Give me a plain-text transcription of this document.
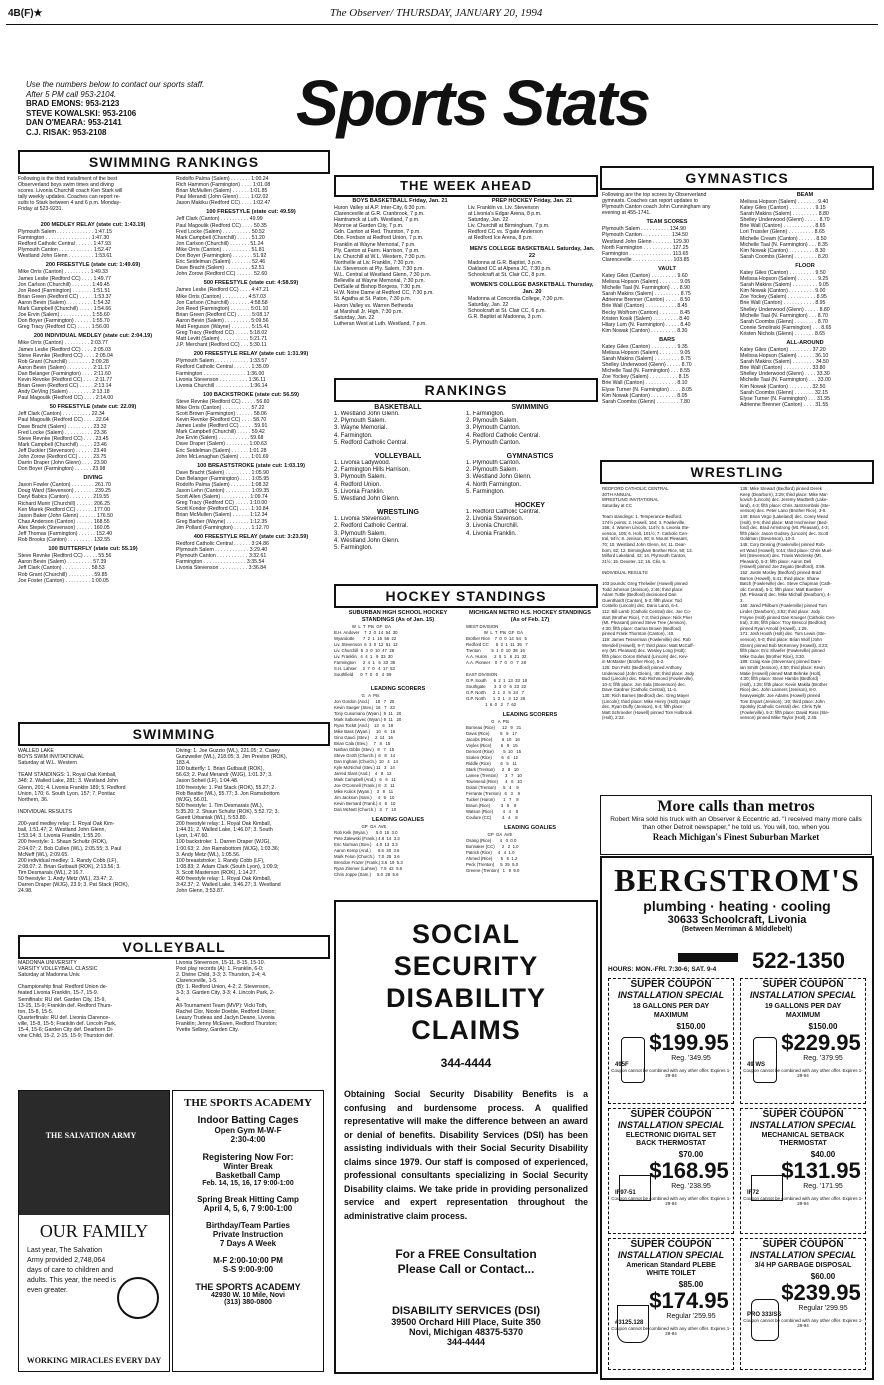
4B(F)★	The Observer/ THURSDAY, JANUARY 20, 1994
Use the numbers below to contact our sports staff. After 5 PM call 953-2104.
BRAD EMONS: 953-2123
STEVE KOWALSKI: 953-2106
DAN O'MEARA: 953-2141
C.J. RISAK: 953-2108	Sports Stats
SWIMMING RANKINGS
Following is the third installment of the best
Observerland boys swim times and diving
scores. Livonia Churchill coach Ken Stark will
tally weekly updates. Coaches can report re-
sults to Stark between 4 and 6 p.m. Monday-
Friday at 523-9231.
200 MEDLEY RELAY (state cut: 1:43.19)
Plymouth Salem . . . . . . . . . . . . . 1:47.15
Farmington . . . . . . . . . . . . . . . . 1:47.30
Redford Catholic Central . . . . . . 1:47.93
Plymouth Canton . . . . . . . . . . . . 1:52.47
Westland John Glenn . . . . . . . . . 1:53.61
200 FREESTYLE (state cut: 1:49.69)
Mike Orris (Canton) . . . . . . . . . 1:49.33
James Leslie (Redford CC) . . . . 1:49.77
Jon Carlson (Churchill) . . . . . . . 1:49.45
Jon Reed (Farmington) . . . . . . . 1:51.51
Brian Green (Redford CC) . . . . . 1:53.37
Aaron Bevin (Salem) . . . . . . . . . 1:54.32
Mark Campbell (Churchill) . . . . . 1:54.66
Joe Ervin (Salem) . . . . . . . . . . . 1:55.60
Don Boyer (Farmington) . . . . . . 1:55.70
Greg Tracy (Redford CC) . . . . . 1:56.00
200 INDIVIDUAL MEDLEY (state cut: 2:04.19)
Mike Orris (Canton) . . . . . . . . . 2:03.77
James Leslie (Redford CC) . . . . 2:05.03
Steve Revnke (Redford CC) . . . . 2:05.04
Rob Grant (Churchill) . . . . . . . . 2:09.28
Aaron Bevin (Salem) . . . . . . . . . 2:11.17
Dan Belanger (Farmington) . . . . 2:11.60
Kevin Revnke (Redford CC) . . . . 2:11.77
Brian Green (Redford CC) . . . . . 2:13.14
Andy DeVing (Salem) . . . . . . . . 2:13.18
Paul Magoulik (Redford CC) . . . . 2:14.00
50 FREESTYLE (state cut: 22.09)
Jeff Clark (Canton) . . . . . . . . . . 22.34
Paul Magoulik (Redford CC) . . . . 22.64
Dave Bracht (Salem) . . . . . . . . . 23.32
Fred Locke (Salem) . . . . . . . . . . 23.36
Steve Revnke (Redford CC) . . . . 23.45
Mark Campbell (Churchill) . . . . . 23.46
Jeff Duckler (Stevenson) . . . . . . 23.49
John Zorow (Redford CC) . . . . . 23.75
Darrin Draper (John Glenn) . . . . 23.90
Don Boyer (Farmington) . . . . . . 23.98
DIVING
Jason Fowler (Canton) . . . . . . . . 261.70
Doug Ward (Stevenson) . . . . . . . 239.25
Daryl Babics (Canton) . . . . . . . . 219.55
Richard Munir (Churchill) . . . . . . 206.25
Ken Marek (Redford CC) . . . . . . 177.00
Jason Baker (John Glenn) . . . . . . 176.50
Chas Anderson (Canton) . . . . . . 168.55
Alex Stepek (Stevenson) . . . . . . 160.05
Jeff Thomas (Farmington) . . . . . . 152.40
Rob Brooks (Canton) . . . . . . . . . 132.55
100 BUTTERFLY (state cut: 55.19)
Steve Revnke (Redford CC) . . . . . 55.56
Aaron Bevin (Salem) . . . . . . . . . 57.39
Jeff Clark (Canton) . . . . . . . . . . 58.53
Rob Grant (Churchill) . . . . . . . . . 59.85
Joe Foster (Canton) . . . . . . . . . 1:00.05
Rodolfo Palma (Salem) . . . . . . . 1:00.24
Rich Hammon (Farmington) . . . . 1:01.08
Brian McMullen (Salem) . . . . . . 1:01.85
Paul Merandi (John Glenn) . . . . 1:02.02
Jason Makiku (Redford CC) . . . . 1:02.47
100 FREESTYLE (state cut: 49.59)
Jeff Clark (Canton) . . . . . . . . . . 49.99
Paul Magoulik (Redford CC) . . . . 50.35
Fred Locke (Salem) . . . . . . . . . . 50.52
Mark Campbell (Churchill) . . . . . 51.20
Jon Carlson (Churchill) . . . . . . . 51.24
Mike Orris (Canton) . . . . . . . . . . 51.81
Don Boyer (Farmington) . . . . . . . 51.92
Eric Seidelman (Salem) . . . . . . . 52.46
Dave Bracht (Salem) . . . . . . . . . 52.51
John Zorow (Redford CC) . . . . . . 52.60
500 FREESTYLE (state cut: 4:58.59)
James Leslie (Redford CC) . . . . 4:47.21
Mike Orris (Canton) . . . . . . . . . 4:57.03
Jon Carlson (Churchill) . . . . . . . 4:58.58
Jon Reed (Farmington) . . . . . . . 5:01.10
Brian Green (Redford CC) . . . . . 5:08.17
Aaron Bevin (Salem) . . . . . . . . . 5:09.56
Matt Ferguson (Wayne) . . . . . . . 5:15.41
Greg Tracy (Redford CC) . . . . . 5:18.02
Matt Levitt (Salem) . . . . . . . . . . 5:21.71
J.P. Merchant (Redford CC) . . . 5:30.11
200 FREESTYLE RELAY (state cut: 1:31.99)
Plymouth Salem . . . . . . . . . . . . 1:33.57
Redford Catholic Central . . . . . . 1:35.09
Farmington . . . . . . . . . . . . . . . 1:36.00
Livonia Stevenson . . . . . . . . . . 1:36.11
Livonia Churchill . . . . . . . . . . . . 1:36.14
100 BACKSTROKE (state cut: 56.59)
Steve Revnke (Redford CC) . . . . . 56.60
Mike Orris (Canton) . . . . . . . . . . 57.22
Scott Brown (Farmington) . . . . . . 58.06
Kevin Revnke (Redford CC) . . . . 58.70
James Leslie (Redford CC) . . . . . 59.91
Mark Campbell (Churchill) . . . . . 59.42
Joe Ervin (Salem) . . . . . . . . . . . 59.68
Dave Draper (Salem) . . . . . . . . 1:00.63
Eric Seidelman (Salem) . . . . . . 1:01.28
John McLenaghan (Salem) . . . . 1:01.69
100 BREASTSTROKE (state cut: 1:03.19)
Dave Bracht (Salem) . . . . . . . . . 1:05.90
Dan Belanger (Farmington) . . . . 1:05.95
Rodolfo Palma (Salem) . . . . . . . 1:08.32
Jason Lehn (Canton) . . . . . . . . . 1:09.35
Scott Allen (Salem) . . . . . . . . . . 1:09.74
Greg Tracy (Redford CC) . . . . . 1:10.00
Scott Kondor (Redford CC) . . . . 1:10.84
Brian McMullen (Salem) . . . . . . 1:12.34
Greg Barber (Wayne) . . . . . . . . 1:12.35
Jim Pollard (Farmington) . . . . . . 1:12.70
400 FREESTYLE RELAY (state cut: 3:23.59)
Redford Catholic Central . . . . . . 3:24.86
Plymouth Salem . . . . . . . . . . . . 3:29.40
Plymouth Canton . . . . . . . . . . . 3:32.61
Farmington . . . . . . . . . . . . . . . 3:35.54
Livonia Stevenson . . . . . . . . . . 3:36.84
THE WEEK AHEAD
BOYS BASKETBALL Friday, Jan. 21
Huron Valley at A.P. Inter-City, 6:30 p.m.
Clarenceville at G.R. Cranbrook, 7 p.m.
Hamtramck at Luth. Westland, 7 p.m.
Monroe at Garden City, 7 p.m.
Gdn. Canton at Red. Thurston, 7 p.m.
Dbn. Fordson at Redford Union, 7 p.m.
Franklin at Wayne Memorial, 7 p.m.
Ply. Canton at Farm. Harrison, 7 p.m.
Liv. Churchill at W.L. Western, 7:30 p.m.
Northville at Liv. Franklin, 7:30 p.m.
Liv. Stevenson at Ply. Salem, 7:30 p.m.
W.L. Central at Westland Glenn, 7:30 p.m.
Belleville at Wayne Memorial, 7:30 p.m.
DetSalle at Bishop Borgess, 7:30 p.m.
H.W. Notre Dame at Redford CC, 7:30 p.m.
St. Agatha at St. Paton, 7:30 p.m.
Huron Valley vs. Warren Bethesda
at Marshall Jr. High, 7:30 p.m.
Saturday, Jan. 22
Lutheran West at Luth. Westland, 7 p.m.
PREP HOCKEY Friday, Jan. 21
Liv. Franklin vs. Liv. Stevenson
at Livonia's Edgar Arena, 8 p.m.
Saturday, Jan. 22
Liv. Churchill at Birmingham, 7 p.m.
Redford CC vs. S'gate Anderson
at Redford Ice Arena, 8 p.m.
MEN'S COLLEGE BASKETBALL Saturday, Jan. 22
Madonna at G.R. Baptist, 3 p.m.
Oakland CC at Alpena JC, 7:30 p.m.
Schoolcraft at St. Clair CC, 8 p.m.
WOMEN'S COLLEGE BASKETBALL Thursday, Jan. 20
Madonna at Concordia College, 7:30 p.m.
Saturday, Jan. 22
Schoolcraft at St. Clair CC, 6 p.m.
G.R. Baptist at Madonna, 3 p.m.
RANKINGS
BASKETBALL
1. Westland John Glenn.
2. Plymouth Salem.
3. Wayne Memorial.
4. Farmington.
5. Redford Catholic Central.
VOLLEYBALL
1. Livonia Ladywood.
2. Farmington Hills Harrison.
3. Plymouth Salem.
4. Redford Union.
5. Livonia Franklin.
5. Westland John Glenn.
WRESTLING
1. Livonia Stevenson.
2. Redford Catholic Central.
3. Plymouth Salem.
4. Westland John Glenn.
5. Farmington.
SWIMMING
1. Farmington.
2. Plymouth Salem.
3. Plymouth Canton.
4. Redford Catholic Central.
5. Plymouth Canton.
GYMNASTICS
1. Plymouth Canton.
2. Plymouth Salem.
3. Westland John Glenn.
4. North Farmington.
5. Farmington.
HOCKEY
1. Redford Catholic Central.
2. Livonia Stevenson.
3. Livonia Churchill.
4. Livonia Franklin.
HOCKEY STANDINGS
SUBURBAN HIGH SCHOOL HOCKEY STANDINGS (As of Jan. 15)
W  L  T  Pts  GF  GA
B.H. Andover    7  2  0  14  54  30
Wyandotte       7  2  1  15  56  22
Liv. Stevenson  6  3  0  12  61  12
Liv. Churchill  5  3  0  10  47  28
Liv. Franklin   4  4  1   9  33  30
Farmington      2  4  1   5  33  36
S.H. Lahser     2  7  0   4  17  53
Southfield      0  7  0   0   4  59
LEADING SCORERS
G   A  Pts
Jon Gordon (And.)     18   7   25
Kevin Saeger (Stev.)  16   7   23
Tony Cusumano (Wyan.)  9  11   20
Mark Sabonevec (Wyan.) 9  11   20
Ryan Tocktt (And.)    13   6   19
Mike Bass (Wyan.)     10   6   16
Gino Gauci (Stev.)     2  14   16
Brian Cala (Stev.)     7   8   15
Nathan Gibbs (Stev.)   8   7   15
Steve Groth (Church.)  6   8   14
Dan Ingham (Church.)  10   4   14
Kyle McNichol (Stev.) 11   3   14
Jarred Slant (And.)    4   8   12
Mark Campbell (And.)   6   5   11
Joe O'Connell (Frank.) 8   3   11
Mike Kulick (Wyan.)    3   8   11
Jim Jackson (Sam.)     4   6   10
Kevin Bernard (Frank.) 4   6   10
Dan McNutt (Church.)   3   7   10
LEADING GOALIES
GP  GA  AVE
Rob Kelk (Wyan.)       5.0  15  3.0
Pete Zalewski (Frank.) 4.8  14  3.3
Eric Norman (Stev.)    4.0  13  3.3
Aaron Kemp (And.)      8.5  30  3.6
Mark Felon (Church.)   7.0  25  3.6
Brendon Frazer (Frank.) 3.6  19  5.3
Ryan Zimmer (Lahser)   7.5  42  5.6
Chris Joppe (Sam.)     5.0  28  5.6
MICHIGAN METRO H.S. HOCKEY STANDINGS (As of Feb. 17)
WEST DIVISION
W  L  T  Pts  GF  GA
Brother Rice    7  0  0  14  54   5
Redford CC      5  2  1  11  35   7
Trenton         5  1  0  10  38  16
A.A. Huron      2  5  1   6  21  32
A.A. Pioneer    0  7  0   0   7  28

EAST DIVISION
G.P. South      6  2  1  13  33  18
Southgate       3  3  0   6  23  22
G.P. North      2  1  3   5  24   7
G.P. North      1  3  1   3  12  26
1  6  0   2   7  62
LEADING SCORERS
G   A  Pts
Burneau (Rice)      12   9   21
Davis (Rice)         8   9   17
Jacobs (Rice)        6  10   16
Voyles (Rice)        6   9   15
Demont (Rice)        5  10   15
Scalen (Rice)        6   6   12
Riddle (Rice)        6   5   11
Stark (Trenton)      2   8   10
Lamee (Trenton)      3   7   10
Townsend (Rice)      4   6   10
Dolan (Trenton)      5   4    9
Ferrante (Trenton)   6   3    9
Tucker (Huron)       1   7    8
Braun (Rice)         3   5    8
Watson (Rice)        4   4    8
Coulure (CC)         4   4    8
LEADING GOALIES
GP  GA  AVE
Osang (Rice)       4   0  0.0
Bonnaker (CC)      2   2  1.0
Patrick (Rice)     4   4  1.0
Ahmed (Rice)       5   6  1.2
Peck (Trenton)     5  25  5.0
Greene (Trenton)   1   9  9.0
SWIMMING
WALLED LAKE
BOYS SWIM INVITATIONAL
Saturday at W.L. Western

TEAM STANDINGS: 1. Royal Oak Kimball,
348; 2. Walled Lake, 281; 3. Westland John
Glenn, 201; 4. Livonia Franklin 189; 5. Redford
Union, 170; 6. South Lyon, 157; 7. Pontiac
Northern, 36.

INDIVIDUAL RESULTS

200-yard medley relay: 1. Royal Oak Kim-
ball, 1:51.47; 2. Westland John Glenn,
1:53.14; 3. Livonia Franklin, 1:55.20.
200 freestyle: 1. Shaun Schultz (ROK),
2:04.07; 2. Bob Cullen (WL), 2:05.55; 3. Paul
McNeff (WL), 2:09.65.
200 individual medley: 1. Randy Cobb (LF),
2:08.07; 2. Brian Gutbault (ROK), 2:13.56; 3.
Tim Desmarais (WL), 2:16.7.
50 freestyle: 1. Andy Metz (WL), 23.47; 2.
Darren Draper (WJG), 23.9; 3. Pat Stack (ROK),
24.98.
Diving: 1. Joe Guzzio (WL), 221.05; 2. Casey
Gunzweiler (WL), 218.05; 3. Jim Preston (ROK),
183.4.
100 butterfly: 1. Brian Gutbault (ROK),
56.63; 2. Paul Merandr (WJG), 1:01.37; 3.
Jason Soheil (LF), 1:04.48.
100 freestyle: 1. Pat Stack (ROK), 55.27; 2.
Rob Beattie (WL), 55.77; 3. Jon Ramsbottom
(WJG), 56.01.
500 freestyle: 1. Tim Desmarais (WL),
5:35.20; 2. Shaun Schultz (ROK), 5:52.72; 3.
Garett Urbaniak (WL), 5:53.80.
200 freestyle relay: 1. Royal Oak Kimball,
1:44.31; 2. Walled Lake, 1:46.07; 3. South
Lyon, 1:47.60.
100 backstroke: 1. Darren Draper (WJG),
1:00.63; 2. Jon Ramsbottom (WJG), 1:03.36;
3. Andy Metz (WL), 1:05.56.
100 breaststroke: 1. Randy Cobb (LF),
1:08.83; 2. Adam Clark (South Lyon), 1:09.9;
3. Scott Masterson (ROK), 1:14.27.
400 freestyle relay: 1. Royal Oak Kimball,
3:42.37; 2. Walled Lake, 3:46.27; 3. Westland
John Glenn, 3:53.87.
VOLLEYBALL
MADONNA UNIVERSITY
VARSITY VOLLEYBALL CLASSIC
Saturday at Madonna Univ.

Championship final: Redford Union de-
feated Livonia Franklin, 15-7, 15-9.
Semifinals: RU def. Garden City, 15-9,
13-15, 15-9; Franklin def. Redford Thurs-
ton, 15-8, 15-5.
Quarterfinals: RU def. Livonia Clarence-
ville, 15-8, 15-5; Franklin def. Lincoln Park,
15-4, 15-6; Garden City def. Dearborn Di-
vine Child, 15-2, 2-15, 15-9; Thurston def.
Livonia Stevenson, 15-11, 8-15, 15-10.
Pool play records (A): 1. Franklin, 6-0;
2. Divine Child, 3-3; 3. Thurston, 2-4; 4.
Clarenceville, 1-5.
(B): 1. Redford Union, 4-2; 2. Stevenson,
3-3; 3. Garden City, 3-3; 4. Lincoln Park, 2-
4.
All-Tournament Team (MVP): Vicki Toth,
Rachel Clor, Nicole Doeble, Redford Union;
Leaury Trudeau and Jaclyn Deane, Livonia
Franklin; Jenny McEwen, Redford Thurston;
Yvette Selbey, Garden City.
GYMNASTICS
Following are the top scores by Observerland
gymnasts. Coaches can report updates to
Plymouth Canton coach John Cunningham any
evening at 455-1741.
TEAM SCORES
Plymouth Salem . . . . . . . . . . 134.90
Plymouth Canton . . . . . . . . . . 134.50
Westland John Glenn . . . . . . . 129.30
North Farmington . . . . . . . . . . 127.25
Farmington . . . . . . . . . . . . . . . 113.65
Clarenceville . . . . . . . . . . . . . . 103.85
VAULT
Katey Giles (Canton) . . . . . . . . . 9.60
Melissa Hopson (Salem) . . . . . . . 9.05
Michelle Taal (N. Farmington) . . . 8.90
Sarah Makins (Salem) . . . . . . . . . 8.75
Adrienne Brenner (Canton) . . . . . 8.50
Brie Wall (Canton) . . . . . . . . . . . 8.45
Becky Wolfrom (Canton) . . . . . . . 8.45
Kristen Kosik (Salem) . . . . . . . . . 8.40
Hilary Lum (N. Farmington) . . . . . 8.40
Kim Nowak (Canton) . . . . . . . . . 8.30
BARS
Katey Giles (Canton) . . . . . . . . . 9.35
Melissa Hopson (Salem) . . . . . . . 9.05
Sarah Makins (Salem) . . . . . . . . . 8.75
Shelley Underwood (Glenn) . . . . . 8.70
Michelle Taal (N. Farmington) . . . 8.55
Zoe Yockey (Salem) . . . . . . . . . . 8.15
Brie Wall (Canton) . . . . . . . . . . . 8.10
Elyse Turner (N. Farmington) . . . . 8.05
Kim Nowak (Canton) . . . . . . . . . 8.05
Sarah Coombs (Glenn) . . . . . . . . 7.80
BEAM
Melissa Hopson (Salem) . . . . . . . 9.40
Katey Giles (Canton) . . . . . . . . . 9.15
Sarah Makins (Salem) . . . . . . . . . 8.80
Shelley Underwood (Glenn) . . . . . 8.70
Brie Wall (Canton) . . . . . . . . . . . 8.65
Lori Trussler (Glenn) . . . . . . . . . 8.65
Michelle Cream (Canton) . . . . . . 8.50
Michelle Taal (N. Farmington) . . . 8.35
Kim Nowak (Canton) . . . . . . . . . 8.30
Sarah Coombs (Glenn) . . . . . . . . 8.20
FLOOR
Katey Giles (Canton) . . . . . . . . . 9.50
Melissa Hopson (Salem) . . . . . . . 9.25
Sarah Makins (Salem) . . . . . . . . . 9.05
Kim Nowak (Canton) . . . . . . . . . 9.00
Zoe Yockey (Salem) . . . . . . . . . . 8.95
Brie Wall (Canton) . . . . . . . . . . . 8.95
Shelley Underwood (Glenn) . . . . . 8.80
Michelle Taal (N. Farmington) . . . 8.70
Sarah Coombs (Glenn) . . . . . . . . 8.70
Connie Smolinski (Farmington) . . . 8.65
Kristen Nichols (Glenn) . . . . . . . 8.65
ALL-AROUND
Katey Giles (Canton) . . . . . . . . 37.20
Melissa Hopson (Salem) . . . . . . 36.10
Sarah Makins (Salem) . . . . . . . . 34.50
Brie Wall (Canton) . . . . . . . . . . 33.80
Shelley Underwood (Glenn) . . . . 33.30
Michelle Taal (N. Farmington) . . . 33.00
Kim Nowak (Canton) . . . . . . . . 32.50
Sarah Coombs (Glenn) . . . . . . . 32.15
Elyse Turner (N. Farmington) . . . 31.95
Adrienne Brenner (Canton) . . . . 31.55
WRESTLING
REDFORD CATHOLIC CENTRAL
30TH ANNUAL
WRESTLING INVITATIONAL
Saturday at CC

Team standings: 1. Temperance-Bedford,
174½ points; 2. Howell, 164; 3. Fowlerville,
156; 4. Warren Lincoln, 114½; 5. Livonia Ste-
venson, 105; 6. Holt, 101½; 7. Catholic Cen-
tral, 94½; 8. Jenison, 90; 9. Mount Pleasant,
70; 10. Westland John Glenn, 64; 11. Dear-
born, 62; 12. Birmingham Brother Rice, 50; 13.
Milford Lakeland, 42; 14. Plymouth Canton,
21½; 15. Dexeter, 12; 16. Clio, 6.

INDIVIDUAL RESULTS

103 pounds: Greg Thelwiler (Howell) pinned
Todd Johnson (Jenison), 2:46; third place:
Adam Tuttle (Bedford) decisioned Dan
Guenthardt (Canton), 5-3; fifth place: Tod
Costello (Lincoln) dec. Dario Lanzi, 6-4.
112: Bill Lamb (Catholic Central) dec. Joe Co-
start (Brother Rice), 7-3; third place: Nick Prier
(Mt. Pleasant) pinned Steve Tree (Jenison),
4:30; fifth place: Garran Brown (Bedford)
pinned Frank Thornton (Canton), :40.
119: James Tesserman (Fowlerville) dec. Rob
Wendell (Howell), 9-7; third place: Matt McCaff-
ery (Mt. Pleasant) dec. Wesley Long (Holt);
fifth place: Doron Ekhard (Lincoln) dec. Kev-
in McMaster (Brother Rice), 5-2.
125: Don Feltz (Bedford) pinned Anthony
Underwood (John Glenn), :48; third place: Jody
Bud (Lincoln) dec. Rob Richmond (Fowlerville),
10-4; fifth place: Jon Sala (Stevenson) dec.
Dave Gardner (Catholic Central), 11-4.
130: Rich Barnes (Bedford) dec. Greg Mayer
(Lincoln); third place: Mike Henry (Holt) major
dec. Ryan Duffy (Jenison), 6-4; fifth place:
Matt Schroeder (Howell) pinned Tom Holbrook
(Holt), 2:22.
135: Mike Stewart (Bedford) pinned Derek
Keep (Dearborn), 3:29; third place: Mike Mar-
kovich (Lincoln) dec. Jeremy MacBeth (Lake-
land), 4-3; fifth place: Chris Jastrzembski (Ste-
venson) dec. Peter Lano (Brother Rice), 3-0.
140: Brian Virgo (Lakeland) dec. Corey Mead
(Holt), 9-5; third place: Matt Hochreiner (Bed-
ford) dec. Brad Armstrong (Mt. Pleasant), 4-3;
fifth place: Jason Godsey (Lincoln) dec. Scott
Goldman (Stevenson), 10-3.
145: Cory Dinning (Fowlerville) pinned Rob-
ert Ward (Howell), 5:44; third place: Chris Muel-
lett (Stevenson) dec. Travis Weziesky (Mt.
Pleasant), 5-3; fifth place: Aaron Dell
(Howell) pinned Joe Zegato (Bedford), 3:59.
152: Justin Mosley (Bedford) pinned Brad
Barron (Howell), 5:41; third place: Shane
Batch (Fowlerville) dec. Steve Chapman (Cath-
olic Central), 5-1; fifth place: Matt Boettner
(Mt. Pleasant) dec. Mike Michall (Dearborn), 4-
3.
160: Jared Philburn (Fowlerville) pinned Tom
Linder (Dearborn), 3:52; third place: Jody
Frayne (Holt) pinned Dan Krueger (Catholic Cen-
tral), 3:45; fifth place: Troy Brescol (Bedford)
pinned Ryan Arnold (Howell), 1:25.
171: Josh Hooth (Holt) dec. Tom Lewis (Ste-
venson), 5-0; third place: Brian Wolf (John
Glenn) pinned Bob McKenney (Howell), 3:23;
fifth place: Eric Shaefer (Fowlerville) pinned
Mike Goulas (Brother Rice), 3:30.
189: Craig Kaie (Stevenson) pinned Dam-
ian Smith (Jenison), 4:50; third place: Kevin
Matie (Howell) pinned Matt Behnke (Holt),
4:30; fifth place: Steve Hambs (Bedford)
(Holt), 1:25; fifth place: Kevin Makila (Brother
Rice) dec. John Lanners (Jenison), 8-0.
heavyweight: Joe Adams (Howell) pinned
Tom Enyart (Jenison), :20; third place: John
Spotsky (Catholic Central) dec. Chris Tyle
(Fowlerville), 6-3; fifth place: David Ross (Ste-
venson) pinned Mike Taylor (Holt), 2:45.
More calls than metros
Robert Mira sold his truck with an Observer & Eccentric ad. "I received many more calls than other Detroit newspaper," he told us. You will, too, when you
Reach Michigan's Finest Suburban Market
BERGSTROM'S
plumbing · heating · cooling
30633 Schoolcraft, Livonia
(Between Merriman & Middlebelt)
HOURS: MON.-FRI. 7:30-6; SAT. 9-4 522-1350
SUPER COUPON
INSTALLATION SPECIAL
18 GALLONS PER DAY MAXIMUM
$150.00
$199.95
Reg. '349.95
495F
Coupon cannot be combined with any other offer. Expires 1-29-94
SUPER COUPON
INSTALLATION SPECIAL
19 GALLONS PER DAY MAXIMUM
$150.00
$229.95
Reg. '379.95
49 WS
Coupon cannot be combined with any other offer. Expires 1-29-94
SUPER COUPON
INSTALLATION SPECIAL
ELECTRONIC DIGITAL SET BACK THERMOSTAT
$70.00
$168.95
Reg. '238.95
IF97-51
Coupon cannot be combined with any other offer. Expires 1-29-94
SUPER COUPON
INSTALLATION SPECIAL
MECHANICAL SETBACK THERMOSTAT
$40.00
$131.95
Reg. '171.95
IF72
Coupon cannot be combined with any other offer. Expires 1-29-94
SUPER COUPON
INSTALLATION SPECIAL
American Standard PLEBE WHITE TOILET
$85.00
$174.95
Regular '259.95
#3125.128
Coupon cannot be combined with any other offer. Expires 1-29-94
SUPER COUPON
INSTALLATION SPECIAL
3/4 HP GARBAGE DISPOSAL
$60.00
$239.95
Regular '299.95
PRO 333/SS
Coupon cannot be combined with any other offer. Expires 1-29-94
SOCIAL SECURITY
DISABILITY CLAIMS
344-4444
Obtaining Social Security Disability Benefits is a confusing and burdensome process. A qualified representative will make the difference between an award or denial of benefits. Disability Services (DSI) has been assisting individuals with their Social Security Disability claims since 1979. Our staff is composed of experienced, professional consultants specializing in Social Security Disability claims. We take pride in providing personalized service and expert representation throughout the administrative claim process.
For a FREE Consultation Please Call or Contact...
DISABILITY SERVICES (DSI)
39500 Orchard Hill Place, Suite 350
Novi, Michigan 48375-5370
344-4444
THE SPORTS ACADEMY
Indoor Batting Cages
Open Gym M-W-F
2:30-4:00
Registering Now For:
Winter Break
Basketball Camp
Feb. 14, 15, 16, 17 9:00-1:00
Spring Break Hitting Camp
April 4, 5, 6, 7 9:00-1:00
Birthday/Team Parties
Private Instruction
7 Days A Week
M-F 2:00-10:00 PM
S-S 9:00-9:00
THE SPORTS ACADEMY
42930 W. 10 Mile, Novi
(313) 380-0800
THE SALVATION ARMY
OUR FAMILY
Last year, The Salvation Army provided 2,748,064 days of care to children and adults. This year, the need is even greater.
WORKING MIRACLES EVERY DAY
